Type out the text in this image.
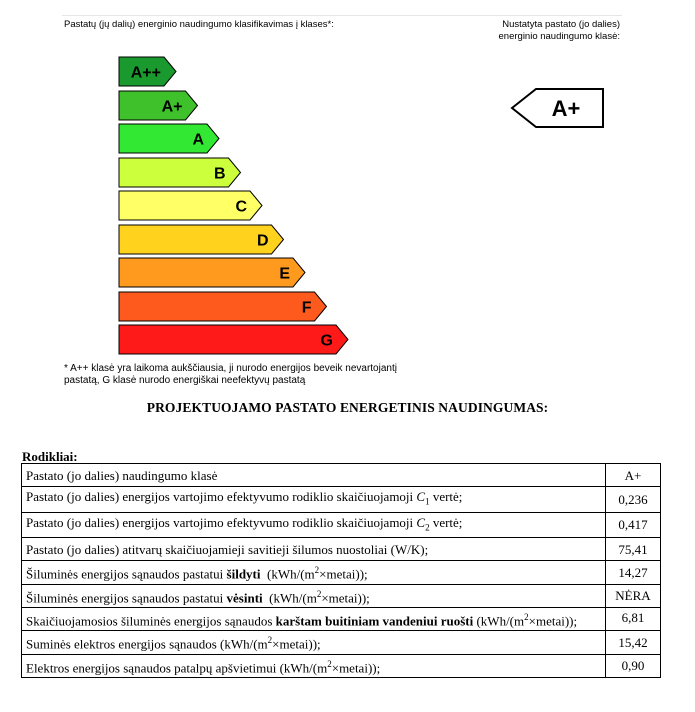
Pastatų (jų dalių) energinio naudingumo klasifikavimas į klases*:	Nustatyta pastato (jo dalies) energinio naudingumo klasė:
A++
A+
A
B
C
D
E
F
G
A+
* A++ klasė yra laikoma aukščiausia, ji nurodo energijos beveik nevartojantį pastatą, G klasė nurodo energiškai neefektyvų pastatą
PROJEKTUOJAMO PASTATO ENERGETINIS NAUDINGUMAS:
Rodikliai:
Pastato (jo dalies) naudingumo klasė	A+
Pastato (jo dalies) energijos vartojimo efektyvumo rodiklio skaičiuojamoji $C_1$ vertė;	0,236
Pastato (jo dalies) energijos vartojimo efektyvumo rodiklio skaičiuojamoji $C_2$ vertė;	0,417
Pastato (jo dalies) atitvarų skaičiuojamieji savitieji šilumos nuostoliai (W/K);	75,41
Šiluminės energijos sąnaudos pastatui šildyti  $(kWh/(m^2\times metai))$;	14,27
Šiluminės energijos sąnaudos pastatui vėsinti  $(kWh/(m^2\times metai))$;	NĖRA
Skaičiuojamosios šiluminės energijos sąnaudos karštam buitiniam vandeniui ruošti $(kWh/(m^2\times metai))$;	6,81
Suminės elektros energijos sąnaudos $(kWh/(m^2\times metai))$;	15,42
Elektros energijos sąnaudos patalpų apšvietimui $(kWh/(m^2\times metai))$;	0,90
